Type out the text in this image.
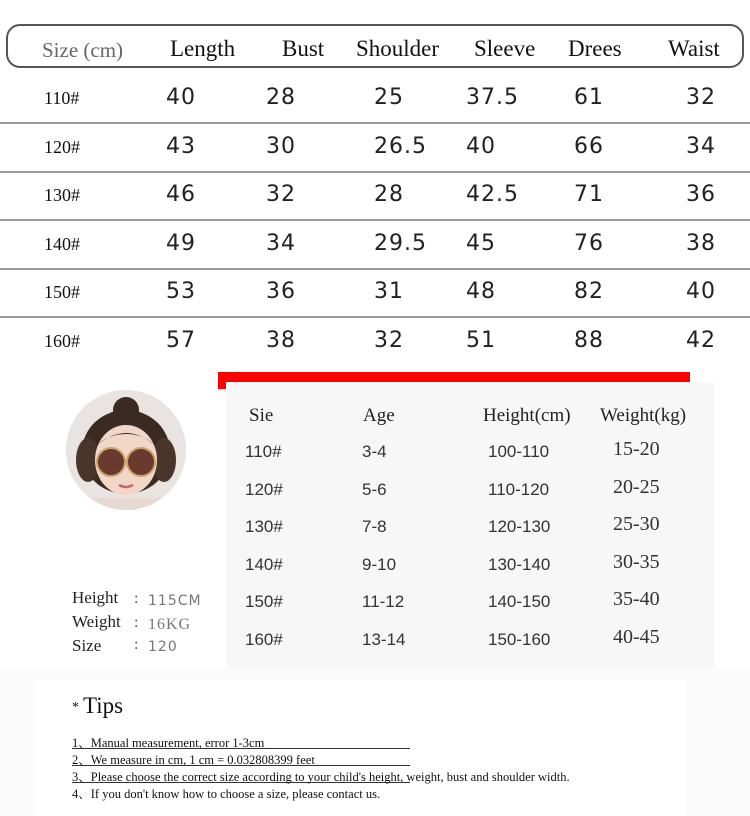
Size (cm) Length Bust Shoulder Sleeve Drees Waist
110#	40	28	25	37.5	61	32
120#	43	30	26.5 40	66	34
130#	46	32	28	42.5	71	36
140#	49	34	29.5 45	76	38
150#	53	36	31	48	82	40
160#	57	38	32	51	88	42
Sie	Age	Height(cm) Weight(kg)
110#	3-4	100-110	15-20
120#	5-6	110-120	20-25
130#	7-8	120-130	25-30
140#	9-10	130-140	30-35
150#	11-12	140-150	35-40
160#	13-14	150-160	40-45
Height : 115CM
Weight : 16KG
Size : 120
* Tips
1、Manual measurement, error 1-3cm
2、We measure in cm, 1 cm = 0.032808399 feet
3、Please choose the correct size according to your child's height, weight, bust and shoulder width.
4、If you don't know how to choose a size, please contact us.
